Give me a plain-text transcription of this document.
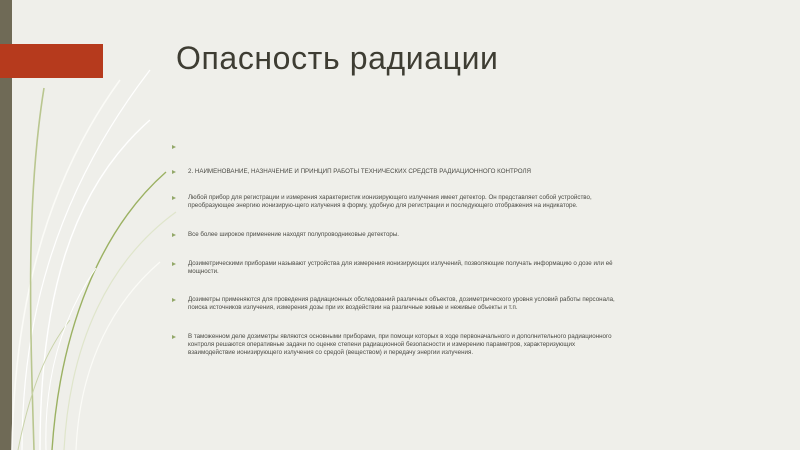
Опасность радиации
2. НАИМЕНОВАНИЕ, НАЗНАЧЕНИЕ И ПРИНЦИП РАБОТЫ ТЕХНИЧЕСКИХ СРЕДСТВ РАДИАЦИОННОГО КОНТРОЛЯ
Любой прибор для регистрации и измерения характеристик ионизирующего излучения имеет детектор. Он представляет собой устройство,
преобразующее энергию ионизирую-щего излучения в форму, удобную для регистрации и последующего отображения на индикаторе.
Все более широкое применение находят полупроводниковые детекторы.
Дозиметрическими приборами называют устройства для измерения ионизирующих излучений, позволяющие получать информацию о дозе или её
мощности.
Дозиметры применяются для проведения радиационных обследований различных объектов, дозиметрического уровня условий работы персонала,
поиска источников излучения, измерения дозы при их воздействии на различные живые и неживые объекты и т.п.
В таможенном деле дозиметры являются основными приборами, при помощи которых в ходе первоначального и дополнительного радиационного
контроля решаются оперативные задачи по оценке степени радиационной безопасности и измерению параметров, характеризующих
взаимодействие ионизирующего излучения со средой (веществом) и передачу энергии излучения.
